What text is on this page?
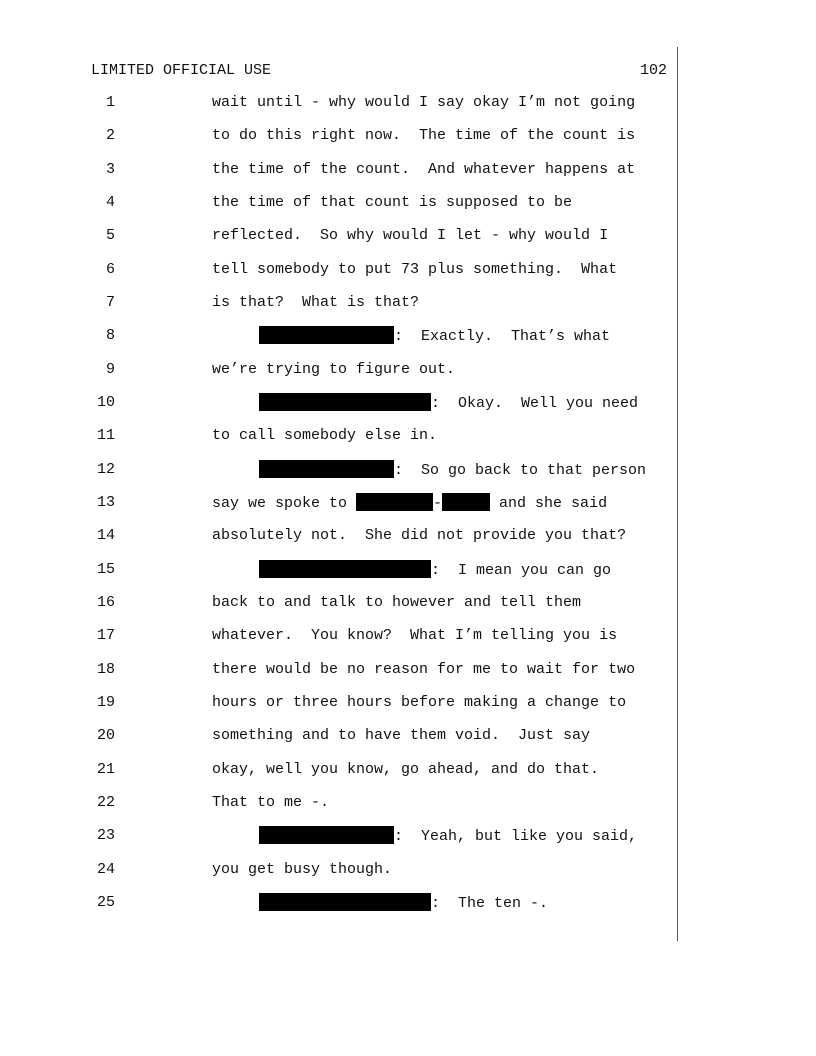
LIMITED OFFICIAL USE	102
1	wait until - why would I say okay I’m not going
2	to do this right now.  The time of the count is
3	the time of the count.  And whatever happens at
4	the time of that count is supposed to be
5	reflected.  So why would I let - why would I
6	tell somebody to put 73 plus something.  What
7	is that?  What is that?
8	:  Exactly.  That’s what
9	we’re trying to figure out.
10	:  Okay.  Well you need
11	to call somebody else in.
12	:  So go back to that person
13	say we spoke to	-	and she said
14	absolutely not.  She did not provide you that?
15	:  I mean you can go
16	back to and talk to however and tell them
17	whatever.  You know?  What I’m telling you is
18	there would be no reason for me to wait for two
19	hours or three hours before making a change to
20	something and to have them void.  Just say
21	okay, well you know, go ahead, and do that.
22	That to me -.
23	:  Yeah, but like you said,
24	you get busy though.
25	:  The ten -.
